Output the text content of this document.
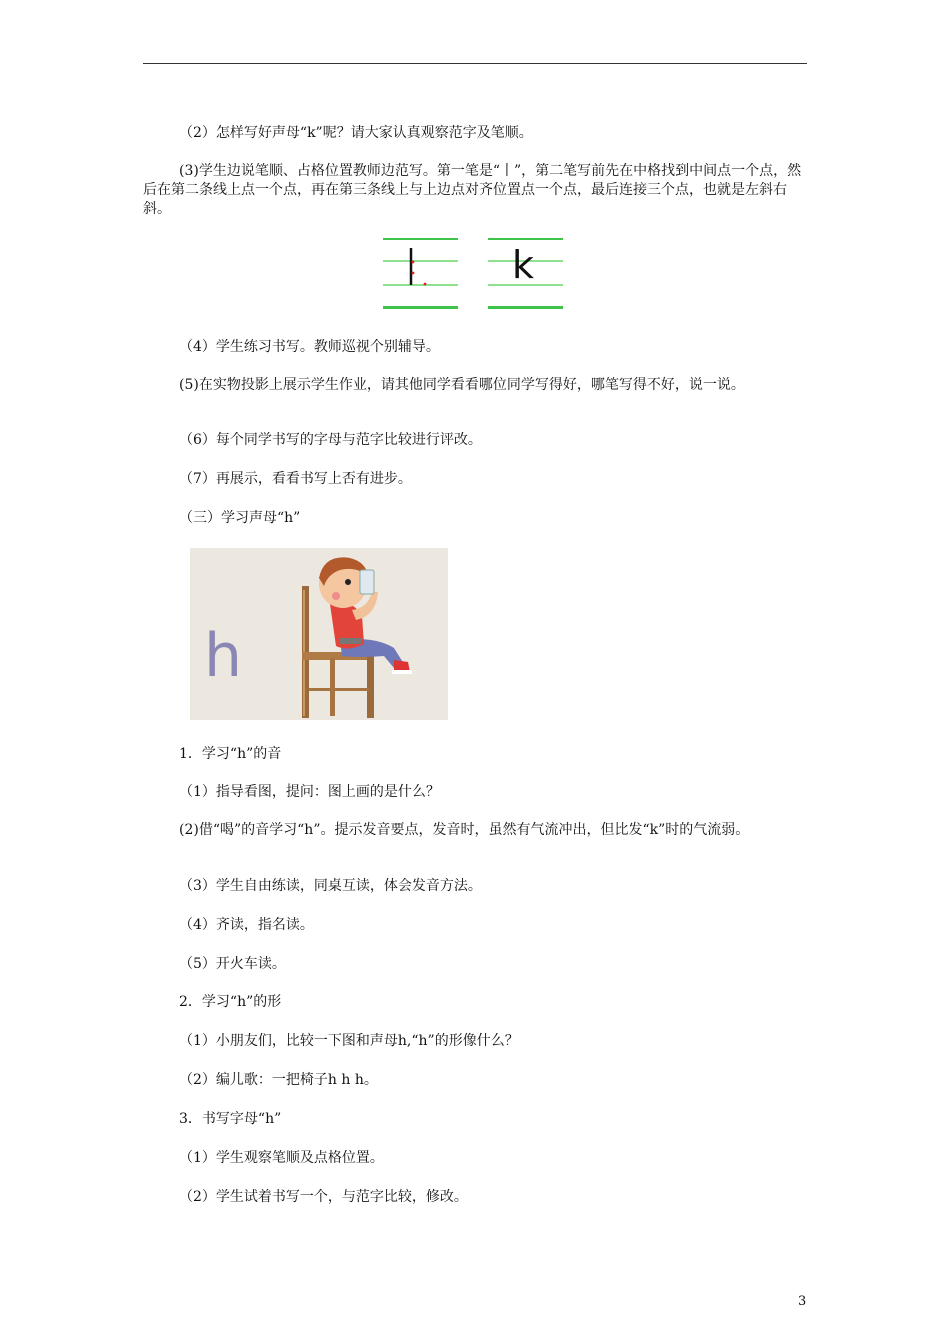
（2）怎样写好声母“k”呢？请大家认真观察范字及笔顺。

(3)学生边说笔顺、占格位置教师边范写。第一笔是“丨”，第二笔写前先在中格找到中间点一个点，然后在第二条线上点一个点，再在第三条线上与上边点对齐位置点一个点，最后连接三个点，也就是左斜右斜。

k

（4）学生练习书写。教师巡视个别辅导。

(5)在实物投影上展示学生作业，请其他同学看看哪位同学写得好，哪笔写得不好，说一说。

（6）每个同学书写的字母与范字比较进行评改。

（7）再展示，看看书写上否有进步。

（三）学习声母“h”

h

1．学习“h”的音

（1）指导看图，提问：图上画的是什么？

(2)借“喝”的音学习“h”。提示发音要点，发音时，虽然有气流冲出，但比发“k”时的气流弱。

（3）学生自由练读，同桌互读，体会发音方法。

（4）齐读，指名读。

（5）开火车读。

2．学习“h”的形

（1）小朋友们，比较一下图和声母h,“h”的形像什么？

（2）编儿歌：一把椅子h h h。

3．书写字母“h”

（1）学生观察笔顺及点格位置。

（2）学生试着书写一个，与范字比较，修改。

3
